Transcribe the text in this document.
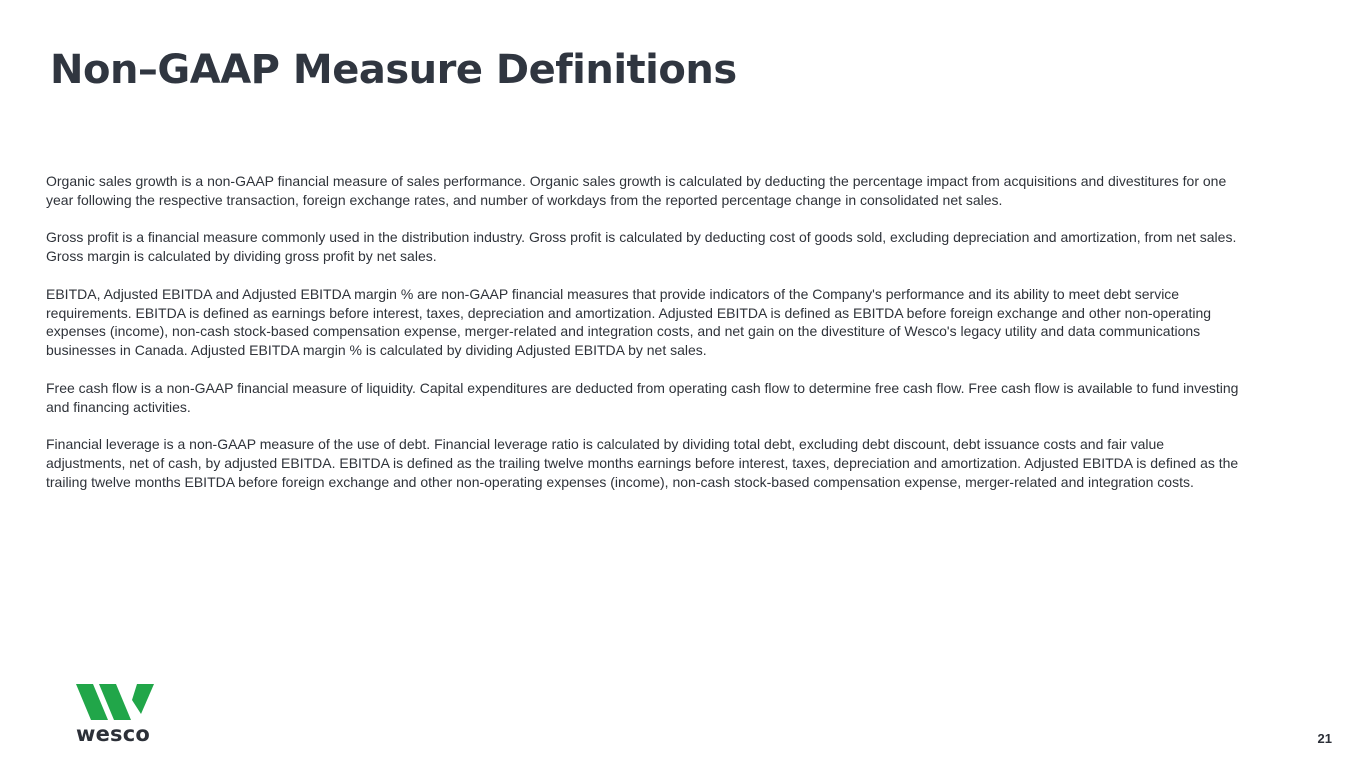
Non–GAAP Measure Definitions

Organic sales growth is a non-GAAP financial measure of sales performance. Organic sales growth is calculated by deducting the percentage impact from acquisitions and divestitures for one year following the respective transaction, foreign exchange rates, and number of workdays from the reported percentage change in consolidated net sales.

Gross profit is a financial measure commonly used in the distribution industry. Gross profit is calculated by deducting cost of goods sold, excluding depreciation and amortization, from net sales. Gross margin is calculated by dividing gross profit by net sales.

EBITDA, Adjusted EBITDA and Adjusted EBITDA margin % are non-GAAP financial measures that provide indicators of the Company's performance and its ability to meet debt service requirements. EBITDA is defined as earnings before interest, taxes, depreciation and amortization. Adjusted EBITDA is defined as EBITDA before foreign exchange and other non-operating expenses (income), non-cash stock-based compensation expense, merger-related and integration costs, and net gain on the divestiture of Wesco's legacy utility and data communications businesses in Canada. Adjusted EBITDA margin % is calculated by dividing Adjusted EBITDA by net sales.

Free cash flow is a non-GAAP financial measure of liquidity. Capital expenditures are deducted from operating cash flow to determine free cash flow. Free cash flow is available to fund investing and financing activities.

Financial leverage is a non-GAAP measure of the use of debt. Financial leverage ratio is calculated by dividing total debt, excluding debt discount, debt issuance costs and fair value adjustments, net of cash, by adjusted EBITDA. EBITDA is defined as the trailing twelve months earnings before interest, taxes, depreciation and amortization. Adjusted EBITDA is defined as the trailing twelve months EBITDA before foreign exchange and other non-operating expenses (income), non-cash stock-based compensation expense, merger-related and integration costs.

wesco	21
